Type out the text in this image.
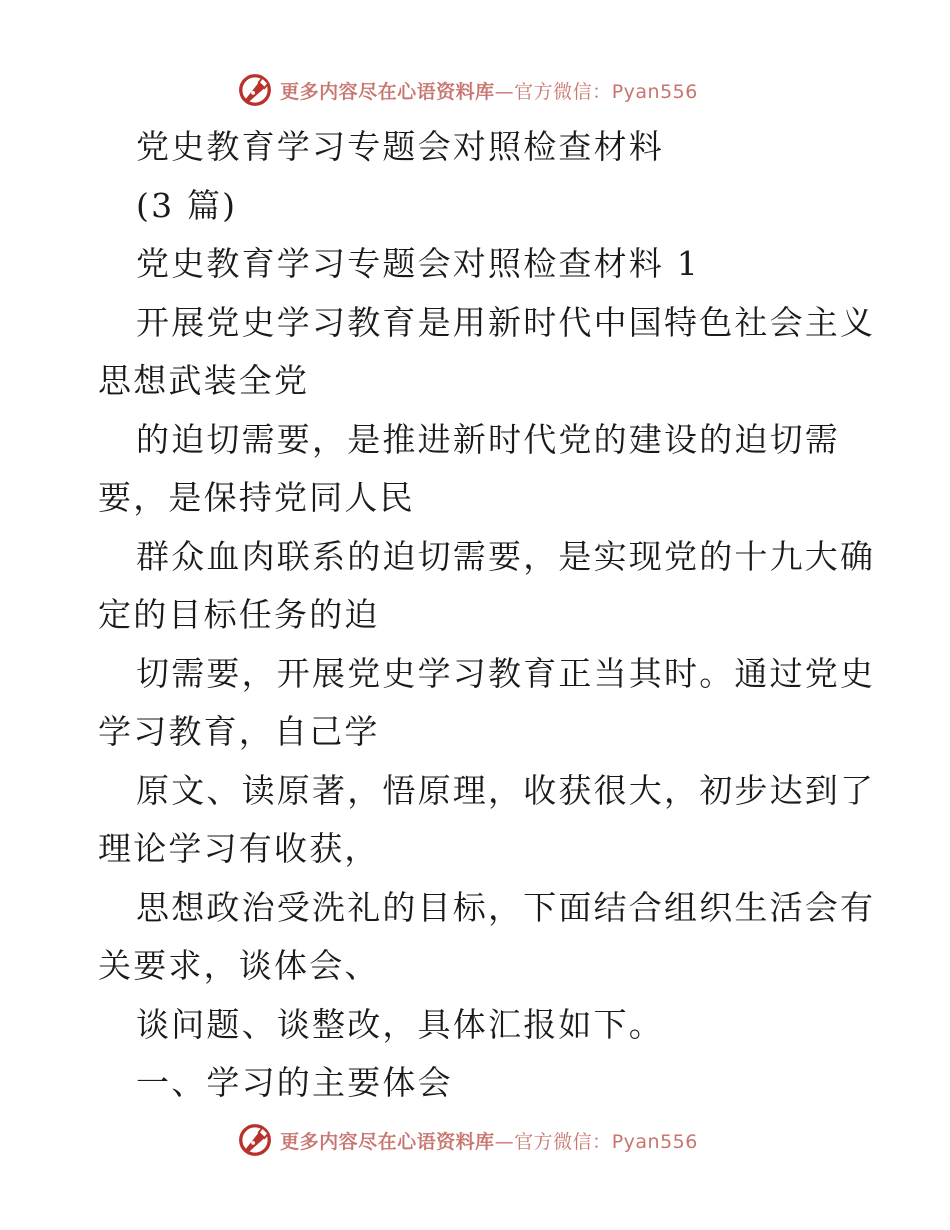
更多内容尽在心语资料库—官方微信：Pyan556
党史教育学习专题会对照检查材料
(3 篇)
党史教育学习专题会对照检查材料 1
开展党史学习教育是用新时代中国特色社会主义
思想武装全党
的迫切需要，是推进新时代党的建设的迫切需
要，是保持党同人民
群众血肉联系的迫切需要，是实现党的十九大确
定的目标任务的迫
切需要，开展党史学习教育正当其时。通过党史
学习教育，自己学
原文、读原著，悟原理，收获很大，初步达到了
理论学习有收获，
思想政治受洗礼的目标，下面结合组织生活会有
关要求，谈体会、
谈问题、谈整改，具体汇报如下。
一、学习的主要体会
更多内容尽在心语资料库—官方微信：Pyan556
